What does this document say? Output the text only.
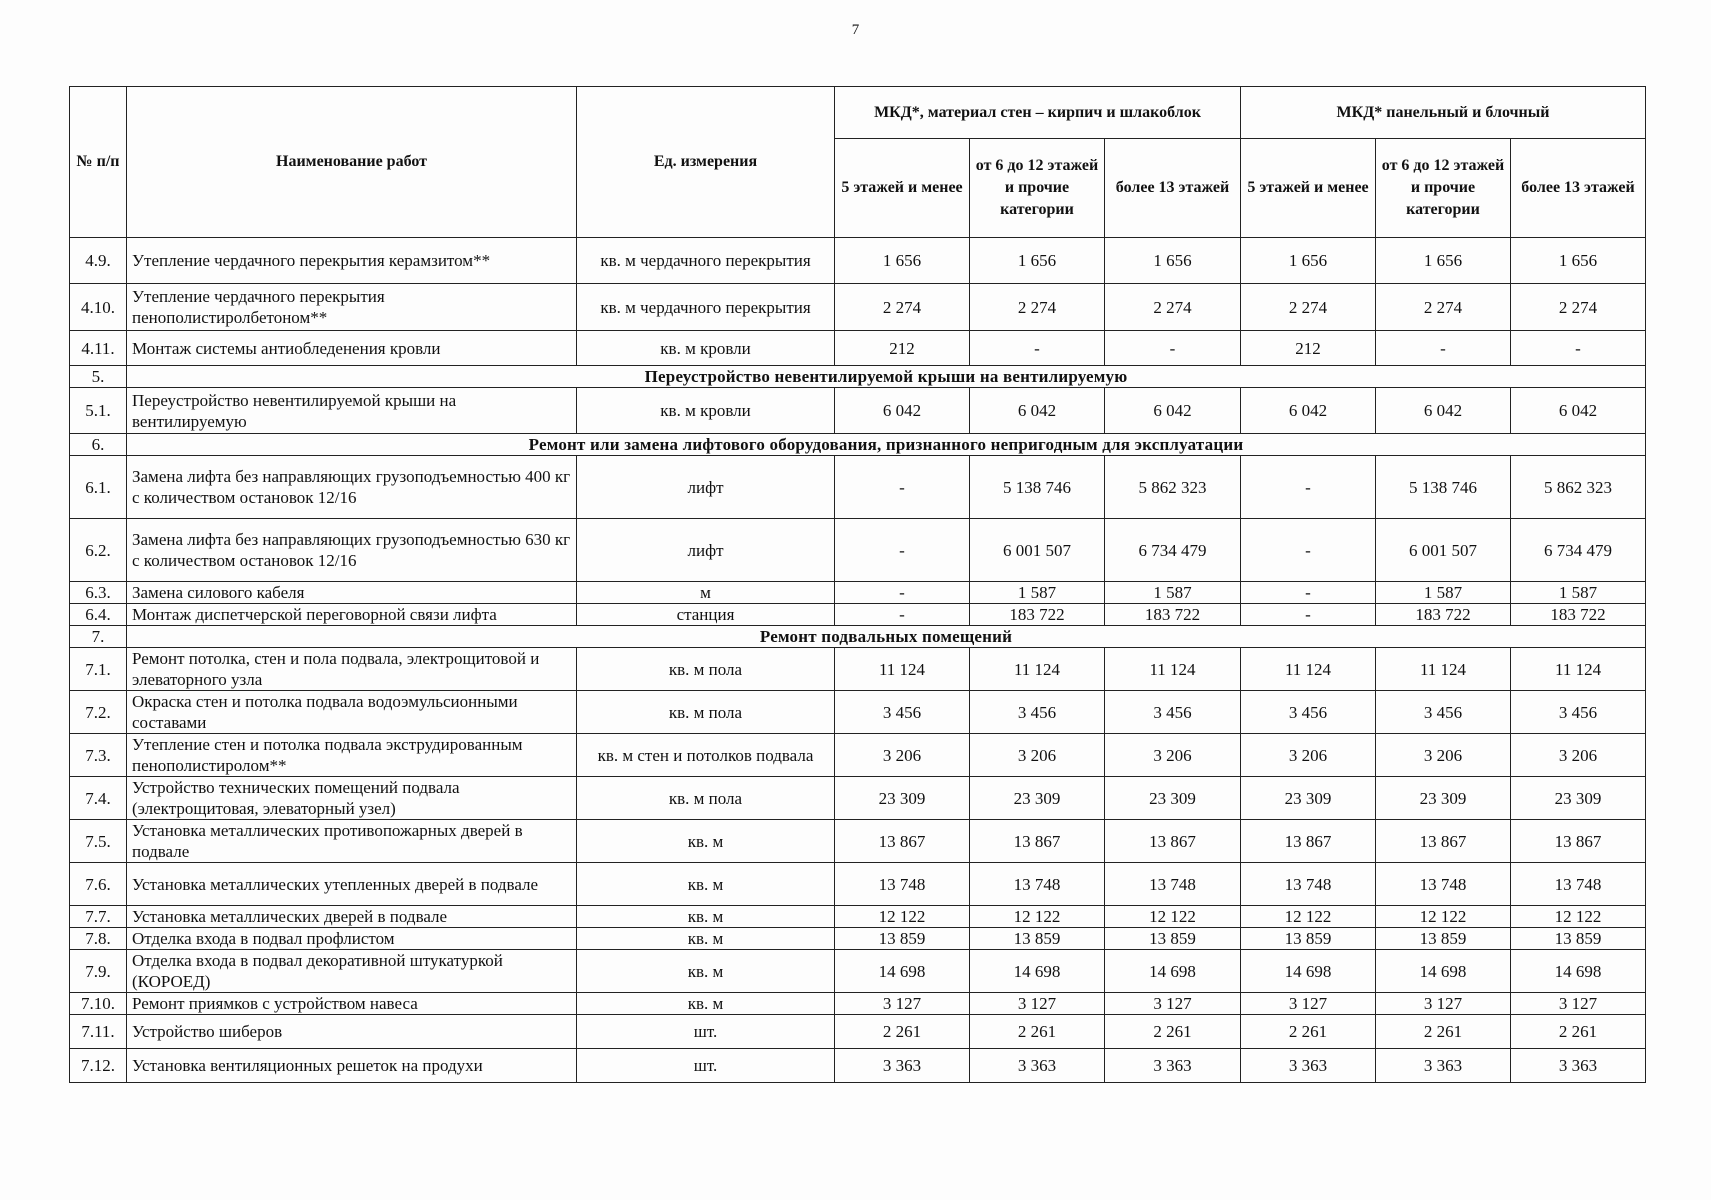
7
№ п/п	Наименование работ	Ед. измерения	МКД*, материал стен – кирпич и шлакоблок			МКД* панельный и блочный		
			5 этажей и менее	от 6 до 12 этажей и прочие категории	более 13 этажей	5 этажей и менее	от 6 до 12 этажей и прочие категории	более 13 этажей
4.9.	Утепление чердачного перекрытия керамзитом**	кв. м чердачного перекрытия	1 656	1 656	1 656	1 656	1 656	1 656
4.10.	Утепление чердачного перекрытия пенополистиролбетоном**	кв. м чердачного перекрытия	2 274	2 274	2 274	2 274	2 274	2 274
4.11.	Монтаж системы антиобледенения кровли	кв. м кровли	212	-	-	212	-	-
5.	Переустройство невентилируемой крыши на вентилируемую							
5.1.	Переустройство невентилируемой крыши на вентилируемую	кв. м кровли	6 042	6 042	6 042	6 042	6 042	6 042
6.	Ремонт или замена лифтового оборудования, признанного непригодным для эксплуатации							
6.1.	Замена лифта без направляющих грузоподъемностью 400 кг с количеством остановок 12/16	лифт	-	5 138 746	5 862 323	-	5 138 746	5 862 323
6.2.	Замена лифта без направляющих грузоподъемностью 630 кг с количеством остановок 12/16	лифт	-	6 001 507	6 734 479	-	6 001 507	6 734 479
6.3.	Замена силового кабеля	м	-	1 587	1 587	-	1 587	1 587
6.4.	Монтаж диспетчерской переговорной связи лифта	станция	-	183 722	183 722	-	183 722	183 722
7.	Ремонт подвальных помещений							
7.1.	Ремонт потолка, стен и пола подвала, электрощитовой и элеваторного узла	кв. м пола	11 124	11 124	11 124	11 124	11 124	11 124
7.2.	Окраска стен и потолка подвала водоэмульсионными составами	кв. м пола	3 456	3 456	3 456	3 456	3 456	3 456
7.3.	Утепление стен и потолка подвала экструдированным пенополистиролом**	кв. м стен и потолков подвала	3 206	3 206	3 206	3 206	3 206	3 206
7.4.	Устройство технических помещений подвала (электрощитовая, элеваторный узел)	кв. м пола	23 309	23 309	23 309	23 309	23 309	23 309
7.5.	Установка металлических противопожарных дверей в подвале	кв. м	13 867	13 867	13 867	13 867	13 867	13 867
7.6.	Установка металлических утепленных дверей в подвале	кв. м	13 748	13 748	13 748	13 748	13 748	13 748
7.7.	Установка металлических дверей в подвале	кв. м	12 122	12 122	12 122	12 122	12 122	12 122
7.8.	Отделка входа в подвал профлистом	кв. м	13 859	13 859	13 859	13 859	13 859	13 859
7.9.	Отделка входа в подвал декоративной штукатуркой (КОРОЕД)	кв. м	14 698	14 698	14 698	14 698	14 698	14 698
7.10.	Ремонт приямков с устройством навеса	кв. м	3 127	3 127	3 127	3 127	3 127	3 127
7.11.	Устройство шиберов	шт.	2 261	2 261	2 261	2 261	2 261	2 261
7.12.	Установка вентиляционных решеток на продухи	шт.	3 363	3 363	3 363	3 363	3 363	3 363
